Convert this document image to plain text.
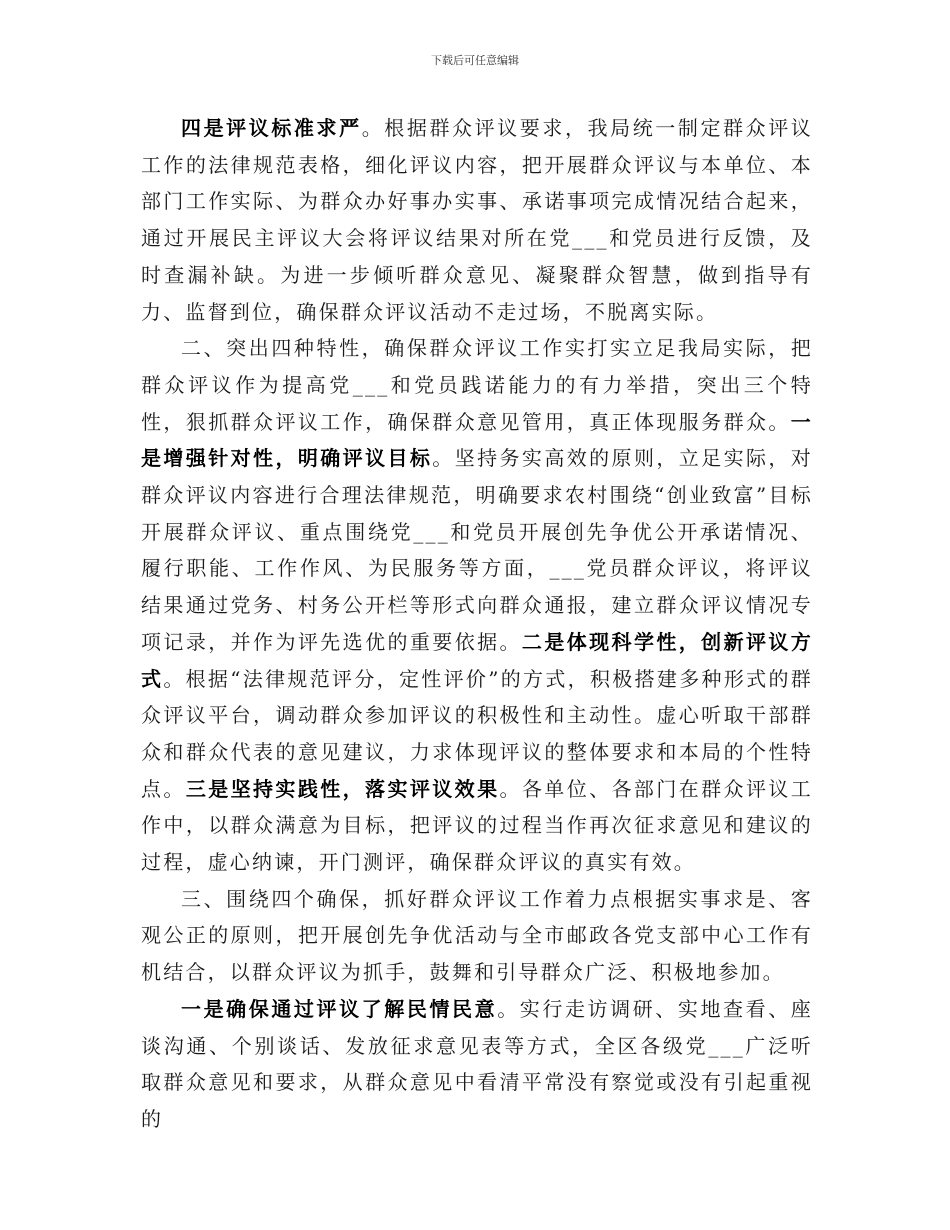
下载后可任意编辑

四是评议标准求严。根据群众评议要求，我局统一制定群众评议工作的法律规范表格，细化评议内容，把开展群众评议与本单位、本部门工作实际、为群众办好事办实事、承诺事项完成情况结合起来，通过开展民主评议大会将评议结果对所在党___和党员进行反馈，及时查漏补缺。为进一步倾听群众意见、凝聚群众智慧，做到指导有力、监督到位，确保群众评议活动不走过场，不脱离实际。

二、突出四种特性，确保群众评议工作实打实立足我局实际，把群众评议作为提高党___和党员践诺能力的有力举措，突出三个特性，狠抓群众评议工作，确保群众意见管用，真正体现服务群众。一是增强针对性，明确评议目标。坚持务实高效的原则，立足实际，对群众评议内容进行合理法律规范，明确要求农村围绕“创业致富”目标开展群众评议、重点围绕党___和党员开展创先争优公开承诺情况、履行职能、工作作风、为民服务等方面，___党员群众评议，将评议结果通过党务、村务公开栏等形式向群众通报，建立群众评议情况专项记录，并作为评先选优的重要依据。二是体现科学性，创新评议方式。根据“法律规范评分，定性评价”的方式，积极搭建多种形式的群众评议平台，调动群众参加评议的积极性和主动性。虚心听取干部群众和群众代表的意见建议，力求体现评议的整体要求和本局的个性特点。三是坚持实践性，落实评议效果。各单位、各部门在群众评议工作中，以群众满意为目标，把评议的过程当作再次征求意见和建议的过程，虚心纳谏，开门测评，确保群众评议的真实有效。

三、围绕四个确保，抓好群众评议工作着力点根据实事求是、客观公正的原则，把开展创先争优活动与全市邮政各党支部中心工作有机结合，以群众评议为抓手，鼓舞和引导群众广泛、积极地参加。

一是确保通过评议了解民情民意。实行走访调研、实地查看、座谈沟通、个别谈话、发放征求意见表等方式，全区各级党___广泛听取群众意见和要求，从群众意见中看清平常没有察觉或没有引起重视的
